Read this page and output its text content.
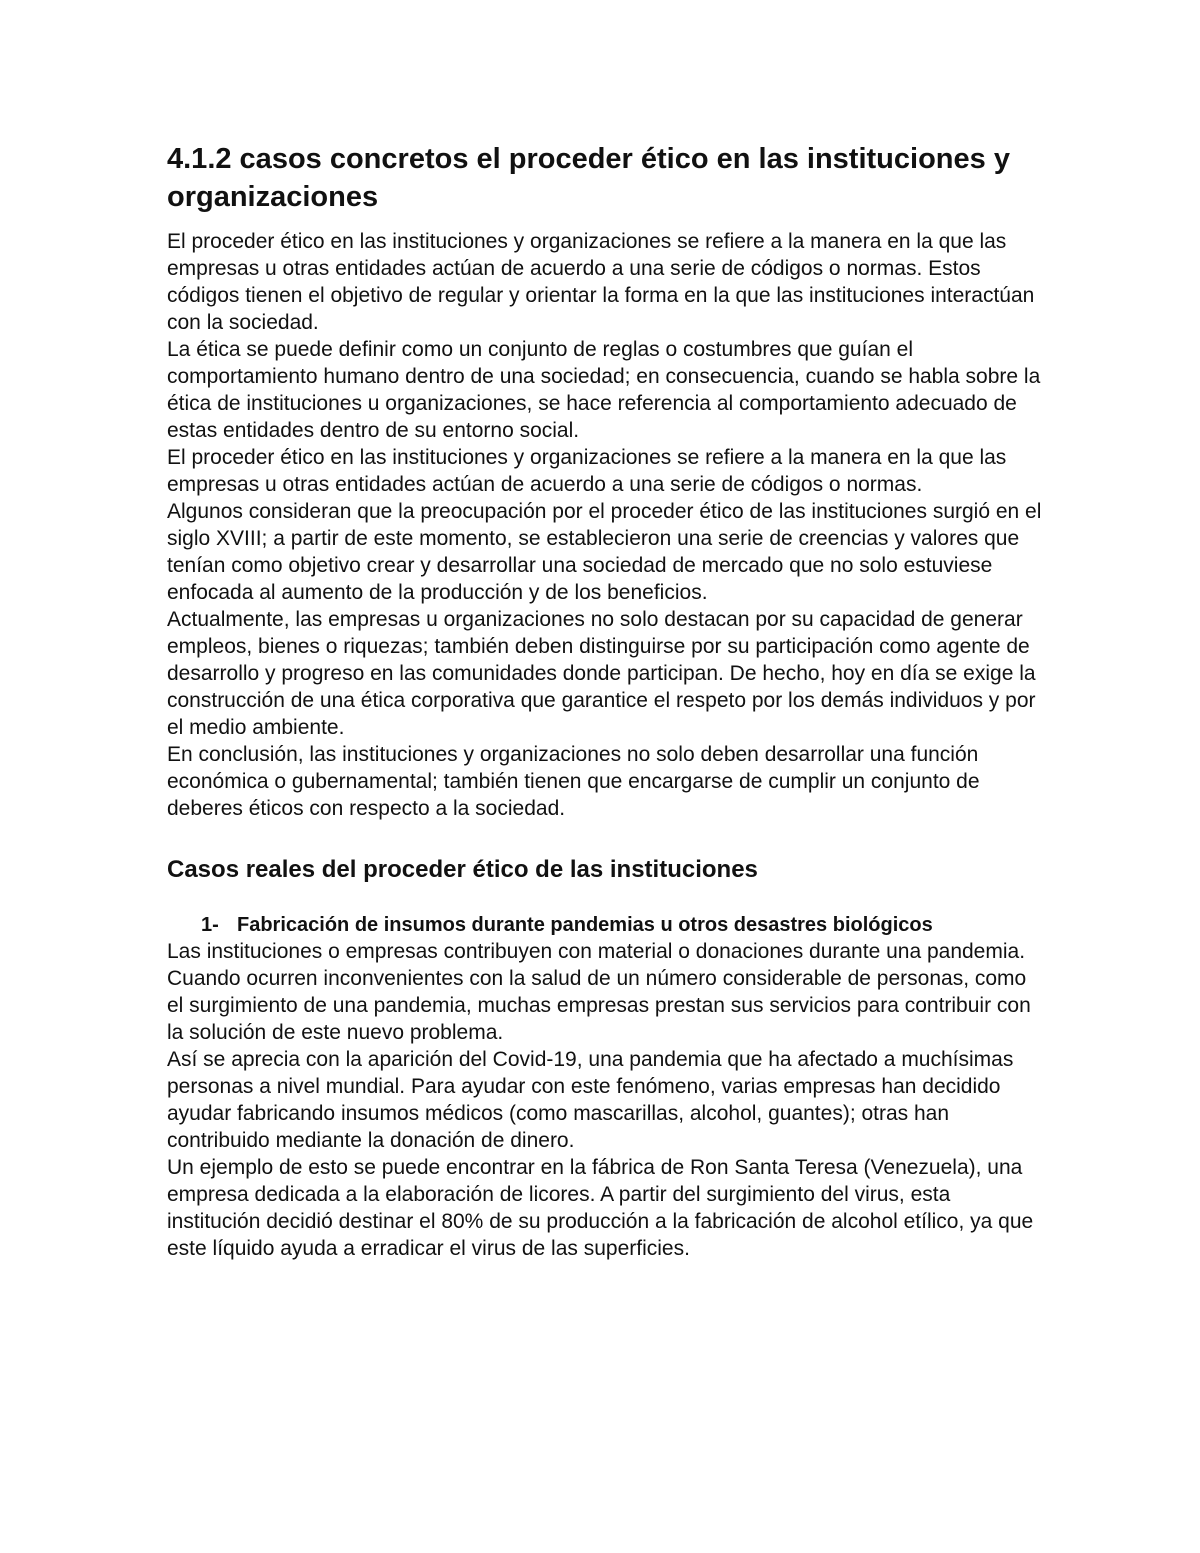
4.1.2 casos concretos el proceder ético en las instituciones y organizaciones

El proceder ético en las instituciones y organizaciones se refiere a la manera en la que las empresas u otras entidades actúan de acuerdo a una serie de códigos o normas. Estos códigos tienen el objetivo de regular y orientar la forma en la que las instituciones interactúan con la sociedad.

La ética se puede definir como un conjunto de reglas o costumbres que guían el comportamiento humano dentro de una sociedad; en consecuencia, cuando se habla sobre la ética de instituciones u organizaciones, se hace referencia al comportamiento adecuado de estas entidades dentro de su entorno social.

El proceder ético en las instituciones y organizaciones se refiere a la manera en la que las empresas u otras entidades actúan de acuerdo a una serie de códigos o normas.

Algunos consideran que la preocupación por el proceder ético de las instituciones surgió en el siglo XVIII; a partir de este momento, se establecieron una serie de creencias y valores que tenían como objetivo crear y desarrollar una sociedad de mercado que no solo estuviese enfocada al aumento de la producción y de los beneficios.

Actualmente, las empresas u organizaciones no solo destacan por su capacidad de generar empleos, bienes o riquezas; también deben distinguirse por su participación como agente de desarrollo y progreso en las comunidades donde participan. De hecho, hoy en día se exige la construcción de una ética corporativa que garantice el respeto por los demás individuos y por el medio ambiente.

En conclusión, las instituciones y organizaciones no solo deben desarrollar una función económica o gubernamental; también tienen que encargarse de cumplir un conjunto de deberes éticos con respecto a la sociedad.

Casos reales del proceder ético de las instituciones
1- Fabricación de insumos durante pandemias u otros desastres biológicos

Las instituciones o empresas contribuyen con material o donaciones durante una pandemia.

Cuando ocurren inconvenientes con la salud de un número considerable de personas, como el surgimiento de una pandemia, muchas empresas prestan sus servicios para contribuir con la solución de este nuevo problema.

Así se aprecia con la aparición del Covid-19, una pandemia que ha afectado a muchísimas personas a nivel mundial. Para ayudar con este fenómeno, varias empresas han decidido ayudar fabricando insumos médicos (como mascarillas, alcohol, guantes); otras han contribuido mediante la donación de dinero.

Un ejemplo de esto se puede encontrar en la fábrica de Ron Santa Teresa (Venezuela), una empresa dedicada a la elaboración de licores. A partir del surgimiento del virus, esta institución decidió destinar el 80% de su producción a la fabricación de alcohol etílico, ya que este líquido ayuda a erradicar el virus de las superficies.
